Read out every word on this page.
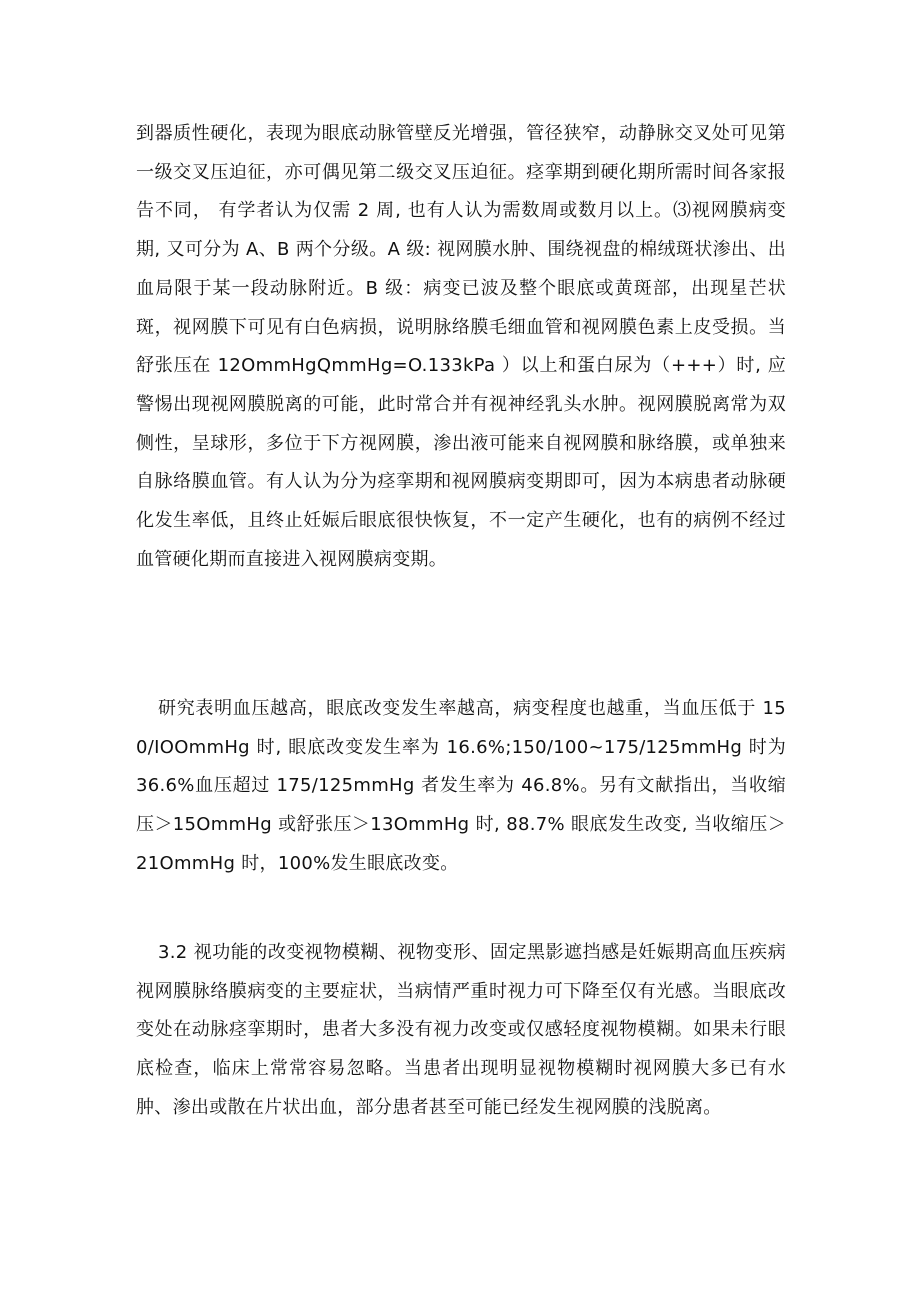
到器质性硬化，表现为眼底动脉管壁反光增强，管径狭窄，动静脉交叉处可见第一级交叉压迫征，亦可偶见第二级交叉压迫征。痉挛期到硬化期所需时间各家报告不同， 有学者认为仅需 2 周, 也有人认为需数周或数月以上。⑶视网膜病变期, 又可分为 A、B 两个分级。A 级: 视网膜水肿、围绕视盘的棉绒斑状渗出、出血局限于某一段动脉附近。B 级：病变已波及整个眼底或黄斑部，出现星芒状斑，视网膜下可见有白色病损，说明脉络膜毛细血管和视网膜色素上皮受损。当舒张压在 12OmmHgQmmHg=O.133kPa ）以上和蛋白尿为（+++）时, 应警惕出现视网膜脱离的可能，此时常合并有视神经乳头水肿。视网膜脱离常为双侧性，呈球形，多位于下方视网膜，渗出液可能来自视网膜和脉络膜，或单独来自脉络膜血管。有人认为分为痉挛期和视网膜病变期即可，因为本病患者动脉硬化发生率低，且终止妊娠后眼底很快恢复，不一定产生硬化，也有的病例不经过血管硬化期而直接进入视网膜病变期。

研究表明血压越高，眼底改变发生率越高，病变程度也越重，当血压低于 150/IOOmmHg 时, 眼底改变发生率为 16.6%;150/100~175/125mmHg 时为 36.6%血压超过 175/125mmHg 者发生率为 46.8%。另有文献指出，当收缩压＞15OmmHg 或舒张压＞13OmmHg 时, 88.7% 眼底发生改变, 当收缩压＞21OmmHg 时，100%发生眼底改变。

3.2 视功能的改变视物模糊、视物变形、固定黑影遮挡感是妊娠期高血压疾病视网膜脉络膜病变的主要症状，当病情严重时视力可下降至仅有光感。当眼底改变处在动脉痉挛期时，患者大多没有视力改变或仅感轻度视物模糊。如果未行眼底检查，临床上常常容易忽略。当患者出现明显视物模糊时视网膜大多已有水肿、渗出或散在片状出血，部分患者甚至可能已经发生视网膜的浅脱离。
